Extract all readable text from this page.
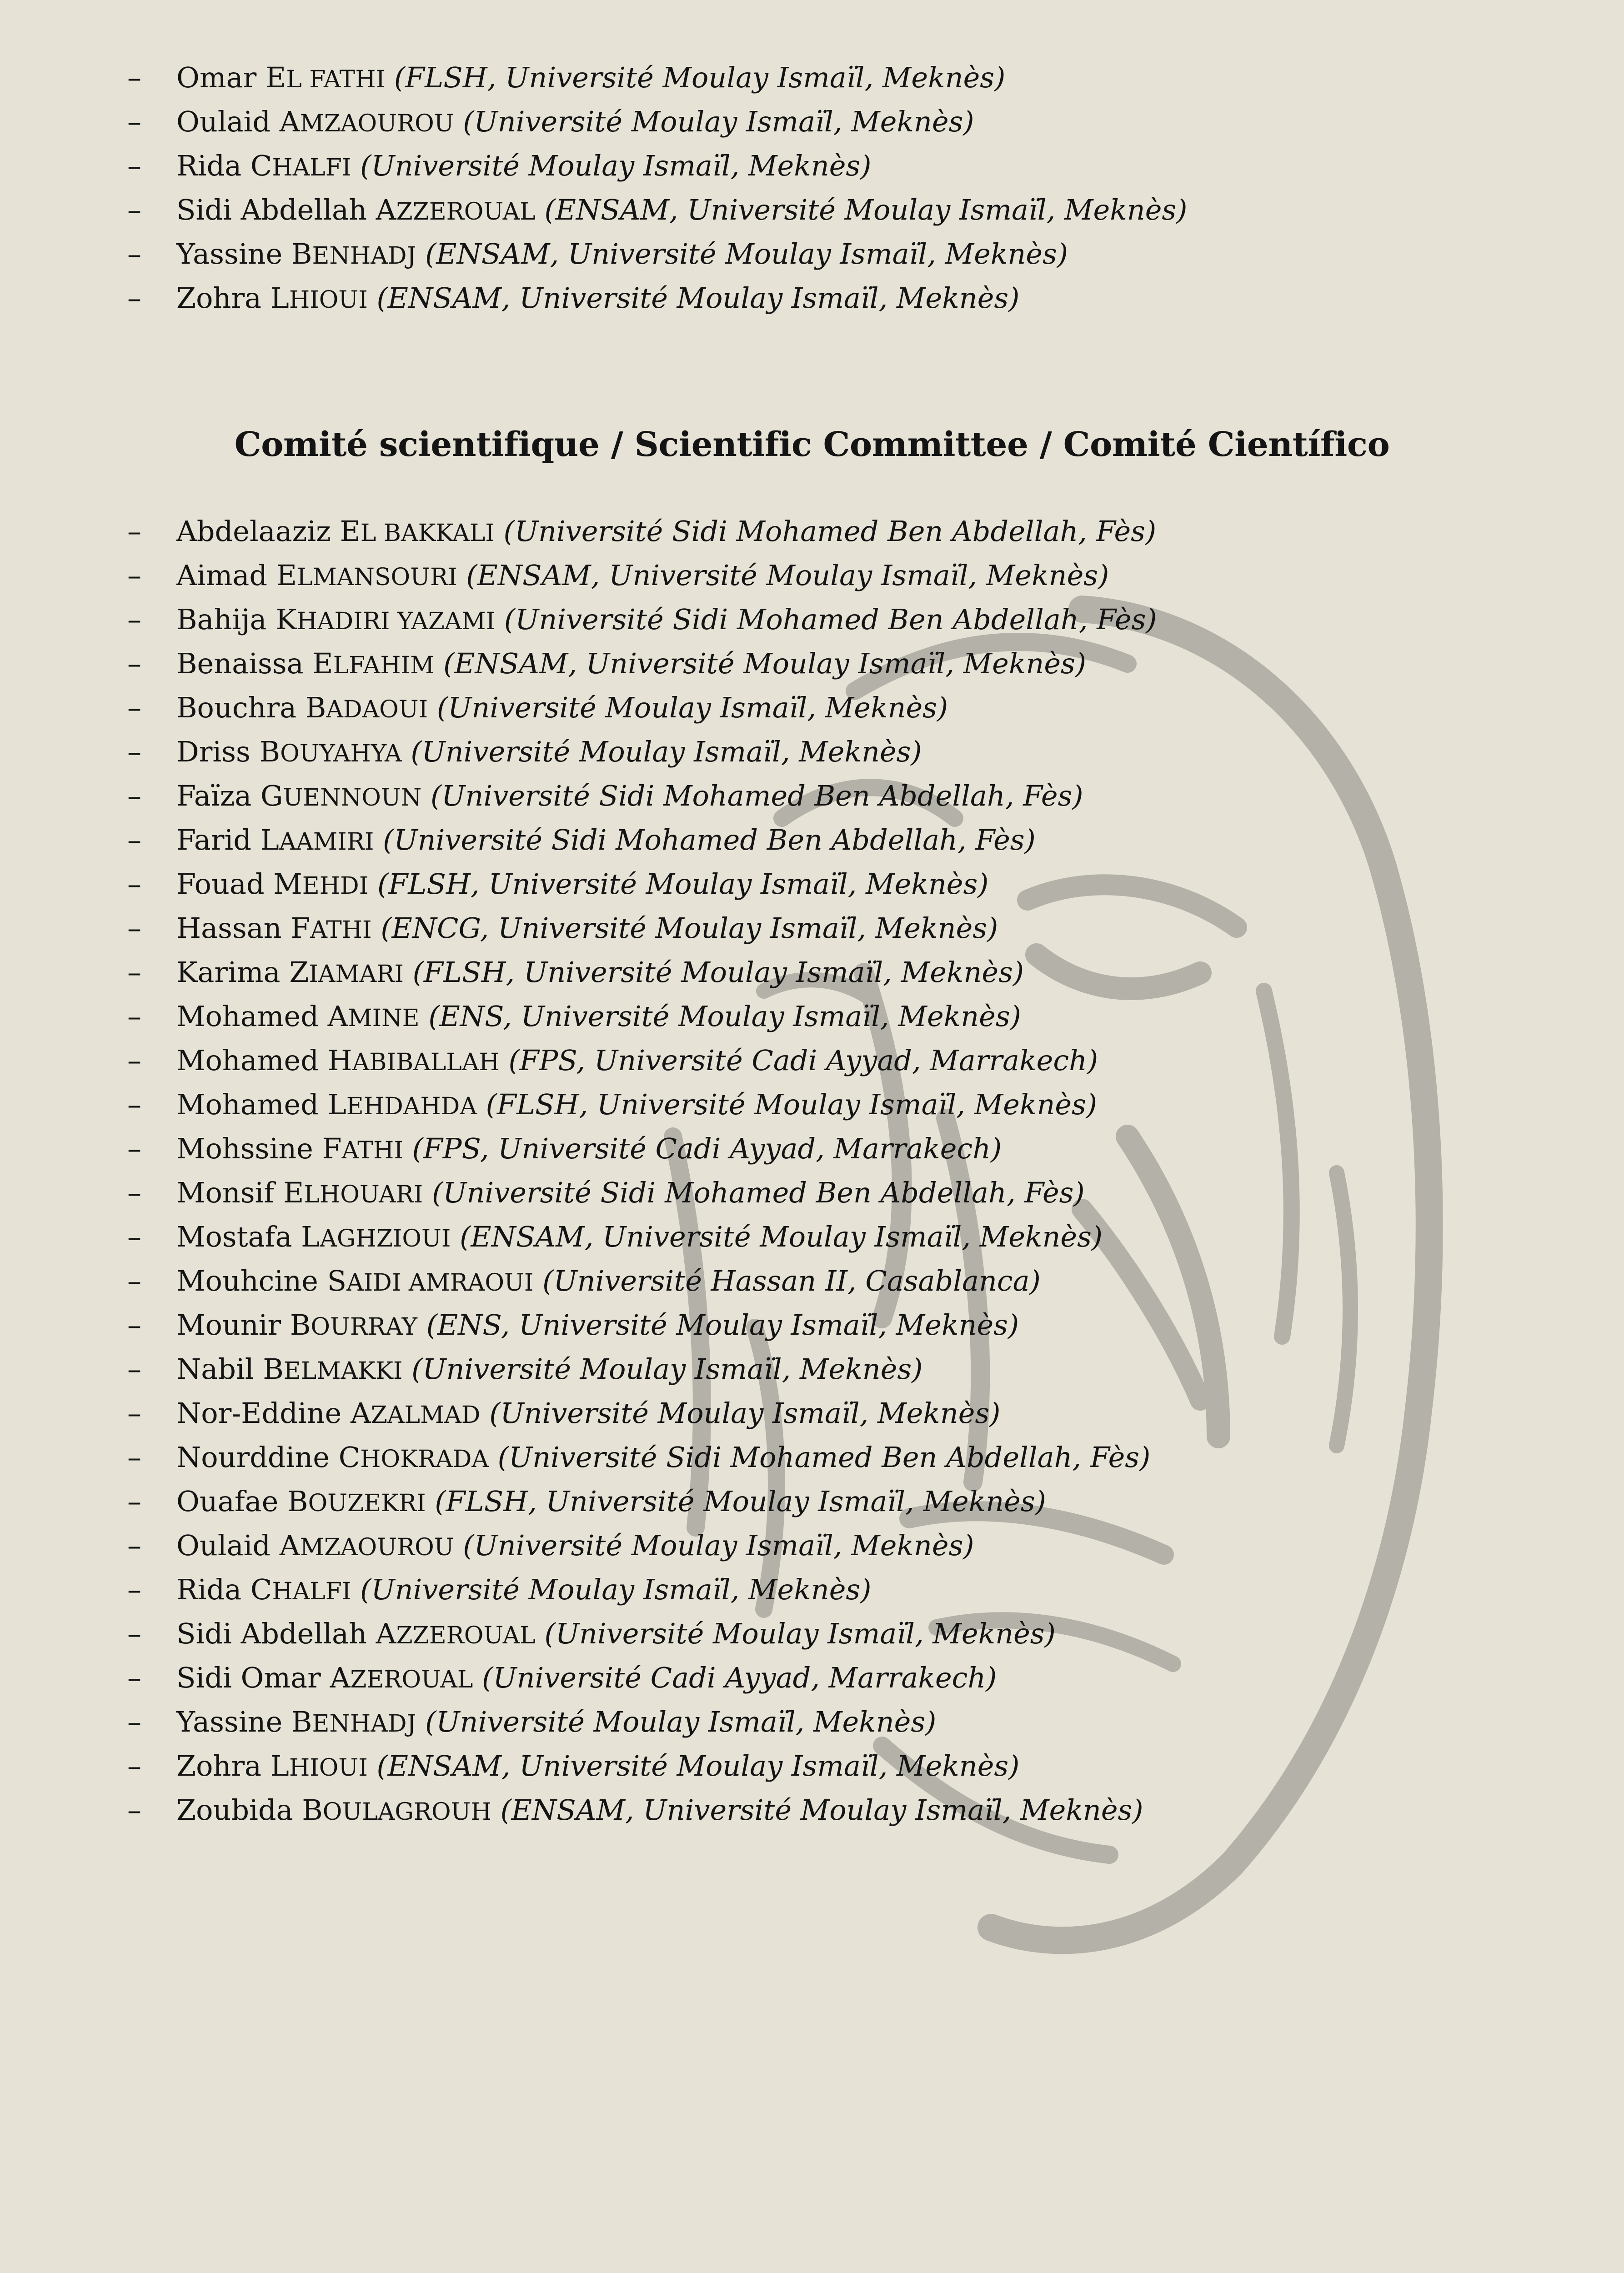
– Omar EL FATHI (FLSH, Université Moulay Ismaïl, Meknès)
– Oulaid AMZAOUROU (Université Moulay Ismaïl, Meknès)
– Rida CHALFI (Université Moulay Ismaïl, Meknès)
– Sidi Abdellah AZZEROUAL (ENSAM, Université Moulay Ismaïl, Meknès)
– Yassine BENHADJ (ENSAM, Université Moulay Ismaïl, Meknès)
– Zohra LHIOUI (ENSAM, Université Moulay Ismaïl, Meknès)
Comité scientifique / Scientific Committee / Comité Científico
– Abdelaaziz EL BAKKALI (Université Sidi Mohamed Ben Abdellah, Fès)
– Aimad ELMANSOURI (ENSAM, Université Moulay Ismaïl, Meknès)
– Bahija KHADIRI YAZAMI (Université Sidi Mohamed Ben Abdellah, Fès)
– Benaissa ELFAHIM (ENSAM, Université Moulay Ismaïl, Meknès)
– Bouchra BADAOUI (Université Moulay Ismaïl, Meknès)
– Driss BOUYAHYA (Université Moulay Ismaïl, Meknès)
– Faïza GUENNOUN (Université Sidi Mohamed Ben Abdellah, Fès)
– Farid LAAMIRI (Université Sidi Mohamed Ben Abdellah, Fès)
– Fouad MEHDI (FLSH, Université Moulay Ismaïl, Meknès)
– Hassan FATHI (ENCG, Université Moulay Ismaïl, Meknès)
– Karima ZIAMARI (FLSH, Université Moulay Ismaïl, Meknès)
– Mohamed AMINE (ENS, Université Moulay Ismaïl, Meknès)
– Mohamed HABIBALLAH (FPS, Université Cadi Ayyad, Marrakech)
– Mohamed LEHDAHDA (FLSH, Université Moulay Ismaïl, Meknès)
– Mohssine FATHI (FPS, Université Cadi Ayyad, Marrakech)
– Monsif ELHOUARI (Université Sidi Mohamed Ben Abdellah, Fès)
– Mostafa LAGHZIOUI (ENSAM, Université Moulay Ismaïl, Meknès)
– Mouhcine SAIDI AMRAOUI (Université Hassan II, Casablanca)
– Mounir BOURRAY (ENS, Université Moulay Ismaïl, Meknès)
– Nabil BELMAKKI (Université Moulay Ismaïl, Meknès)
– Nor-Eddine AZALMAD (Université Moulay Ismaïl, Meknès)
– Nourddine CHOKRADA (Université Sidi Mohamed Ben Abdellah, Fès)
– Ouafae BOUZEKRI (FLSH, Université Moulay Ismaïl, Meknès)
– Oulaid AMZAOUROU (Université Moulay Ismaïl, Meknès)
– Rida CHALFI (Université Moulay Ismaïl, Meknès)
– Sidi Abdellah AZZEROUAL (Université Moulay Ismaïl, Meknès)
– Sidi Omar AZEROUAL (Université Cadi Ayyad, Marrakech)
– Yassine BENHADJ (Université Moulay Ismaïl, Meknès)
– Zohra LHIOUI (ENSAM, Université Moulay Ismaïl, Meknès)
– Zoubida BOULAGROUH (ENSAM, Université Moulay Ismaïl, Meknès)
